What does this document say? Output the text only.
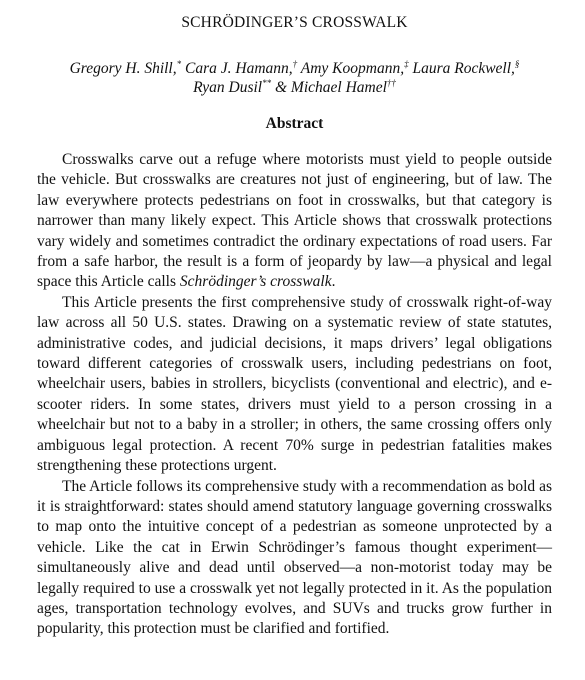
SCHRÖDINGER’S CROSSWALK
Gregory H. Shill,* Cara J. Hamann,† Amy Koopmann,‡ Laura Rockwell,§
Ryan Dusil** & Michael Hamel††
Abstract

Crosswalks carve out a refuge where motorists must yield to people outside the vehicle. But crosswalks are creatures not just of engineering, but of law. The law everywhere protects pedestrians on foot in crosswalks, but that category is narrower than many likely expect. This Article shows that crosswalk protections vary widely and sometimes contradict the ordinary expectations of road users. Far from a safe harbor, the result is a form of jeopardy by law—a physical and legal space this Article calls Schrödinger’s crosswalk.

This Article presents the first comprehensive study of crosswalk right-of-way law across all 50 U.S. states. Drawing on a systematic review of state statutes, administrative codes, and judicial decisions, it maps drivers’ legal obligations toward different categories of crosswalk users, including pedestrians on foot, wheelchair users, babies in strollers, bicyclists (conventional and electric), and e-scooter riders. In some states, drivers must yield to a person crossing in a wheelchair but not to a baby in a stroller; in others, the same crossing offers only ambiguous legal protection. A recent 70% surge in pedestrian fatalities makes strengthening these protections urgent.

The Article follows its comprehensive study with a recommendation as bold as it is straightforward: states should amend statutory language governing crosswalks to map onto the intuitive concept of a pedestrian as someone unprotected by a vehicle. Like the cat in Erwin Schrödinger’s famous thought experiment—simultaneously alive and dead until observed—a non-motorist today may be legally required to use a crosswalk yet not legally protected in it. As the population ages, transportation technology evolves, and SUVs and trucks grow further in popularity, this protection must be clarified and fortified.
